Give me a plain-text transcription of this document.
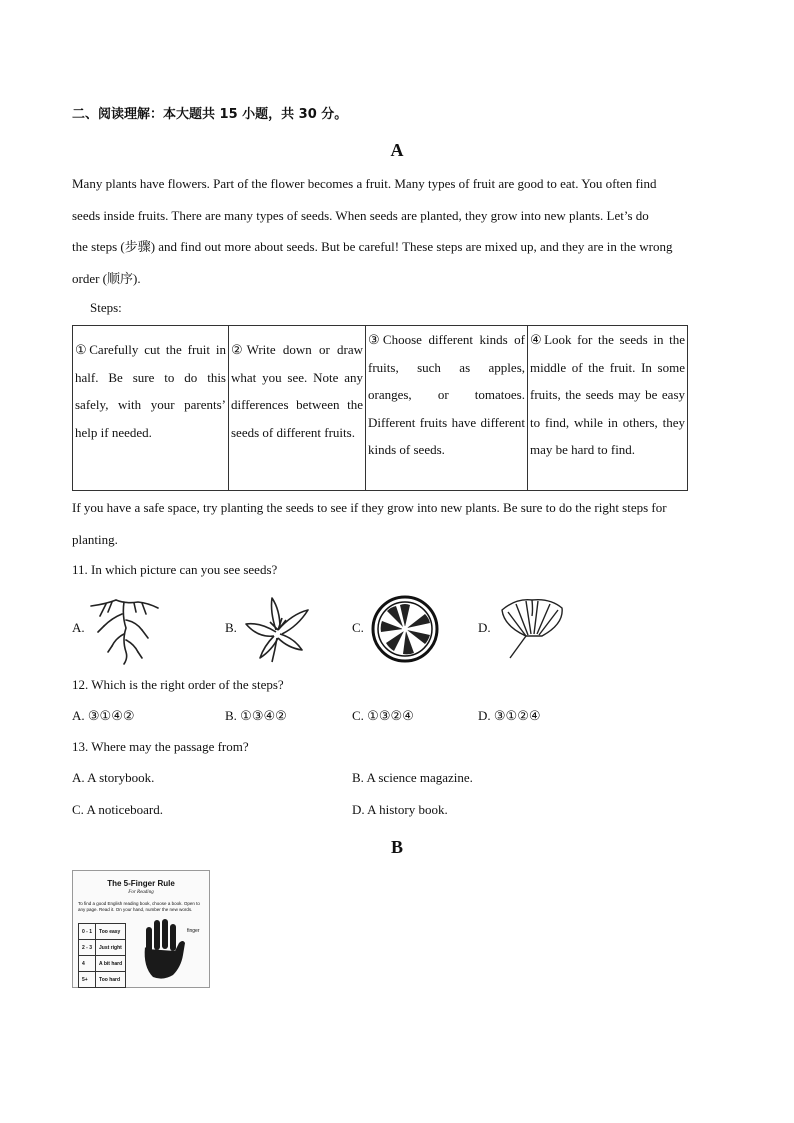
二、阅读理解：本大题共 15 小题，共 30 分。
A
Many plants have flowers. Part of the flower becomes a fruit. Many types of fruit are good to eat. You often find
seeds inside fruits. There are many types of seeds. When seeds are planted, they grow into new plants. Let’s do
the steps (步骤) and find out more about seeds. But be careful! These steps are mixed up, and they are in the wrong
order (顺序).
Steps:
①Carefully cut the fruit in half. Be sure to do this safely, with your parents’ help if needed.

②Write down or draw what you see. Note any differences between the seeds of different fruits.

③Choose different kinds of fruits, such as apples, oranges, or tomatoes. Different fruits have different kinds of seeds.

④Look for the seeds in the middle of the fruit. In some fruits, the seeds may be easy to find, while in others, they may be hard to find.
If you have a safe space, try planting the seeds to see if they grow into new plants. Be sure to do the right steps for
planting.
11. In which picture can you see seeds?
A.	B.	C.	D.
12. Which is the right order of the steps?
A. ③①④②	B. ①③④②	C. ①③②④	D. ③①②④
13. Where may the passage from?
A. A storybook.	B. A science magazine.
C. A noticeboard.	D. A history book.
B
The 5-Finger Rule
For Reading
To find a good English reading book, choose a book. Open to any page. Read it. On your hand, number the new words.
0 - 1	Too easy
2 - 3	Just right
4	A bit hard
5+	Too hard
finger
